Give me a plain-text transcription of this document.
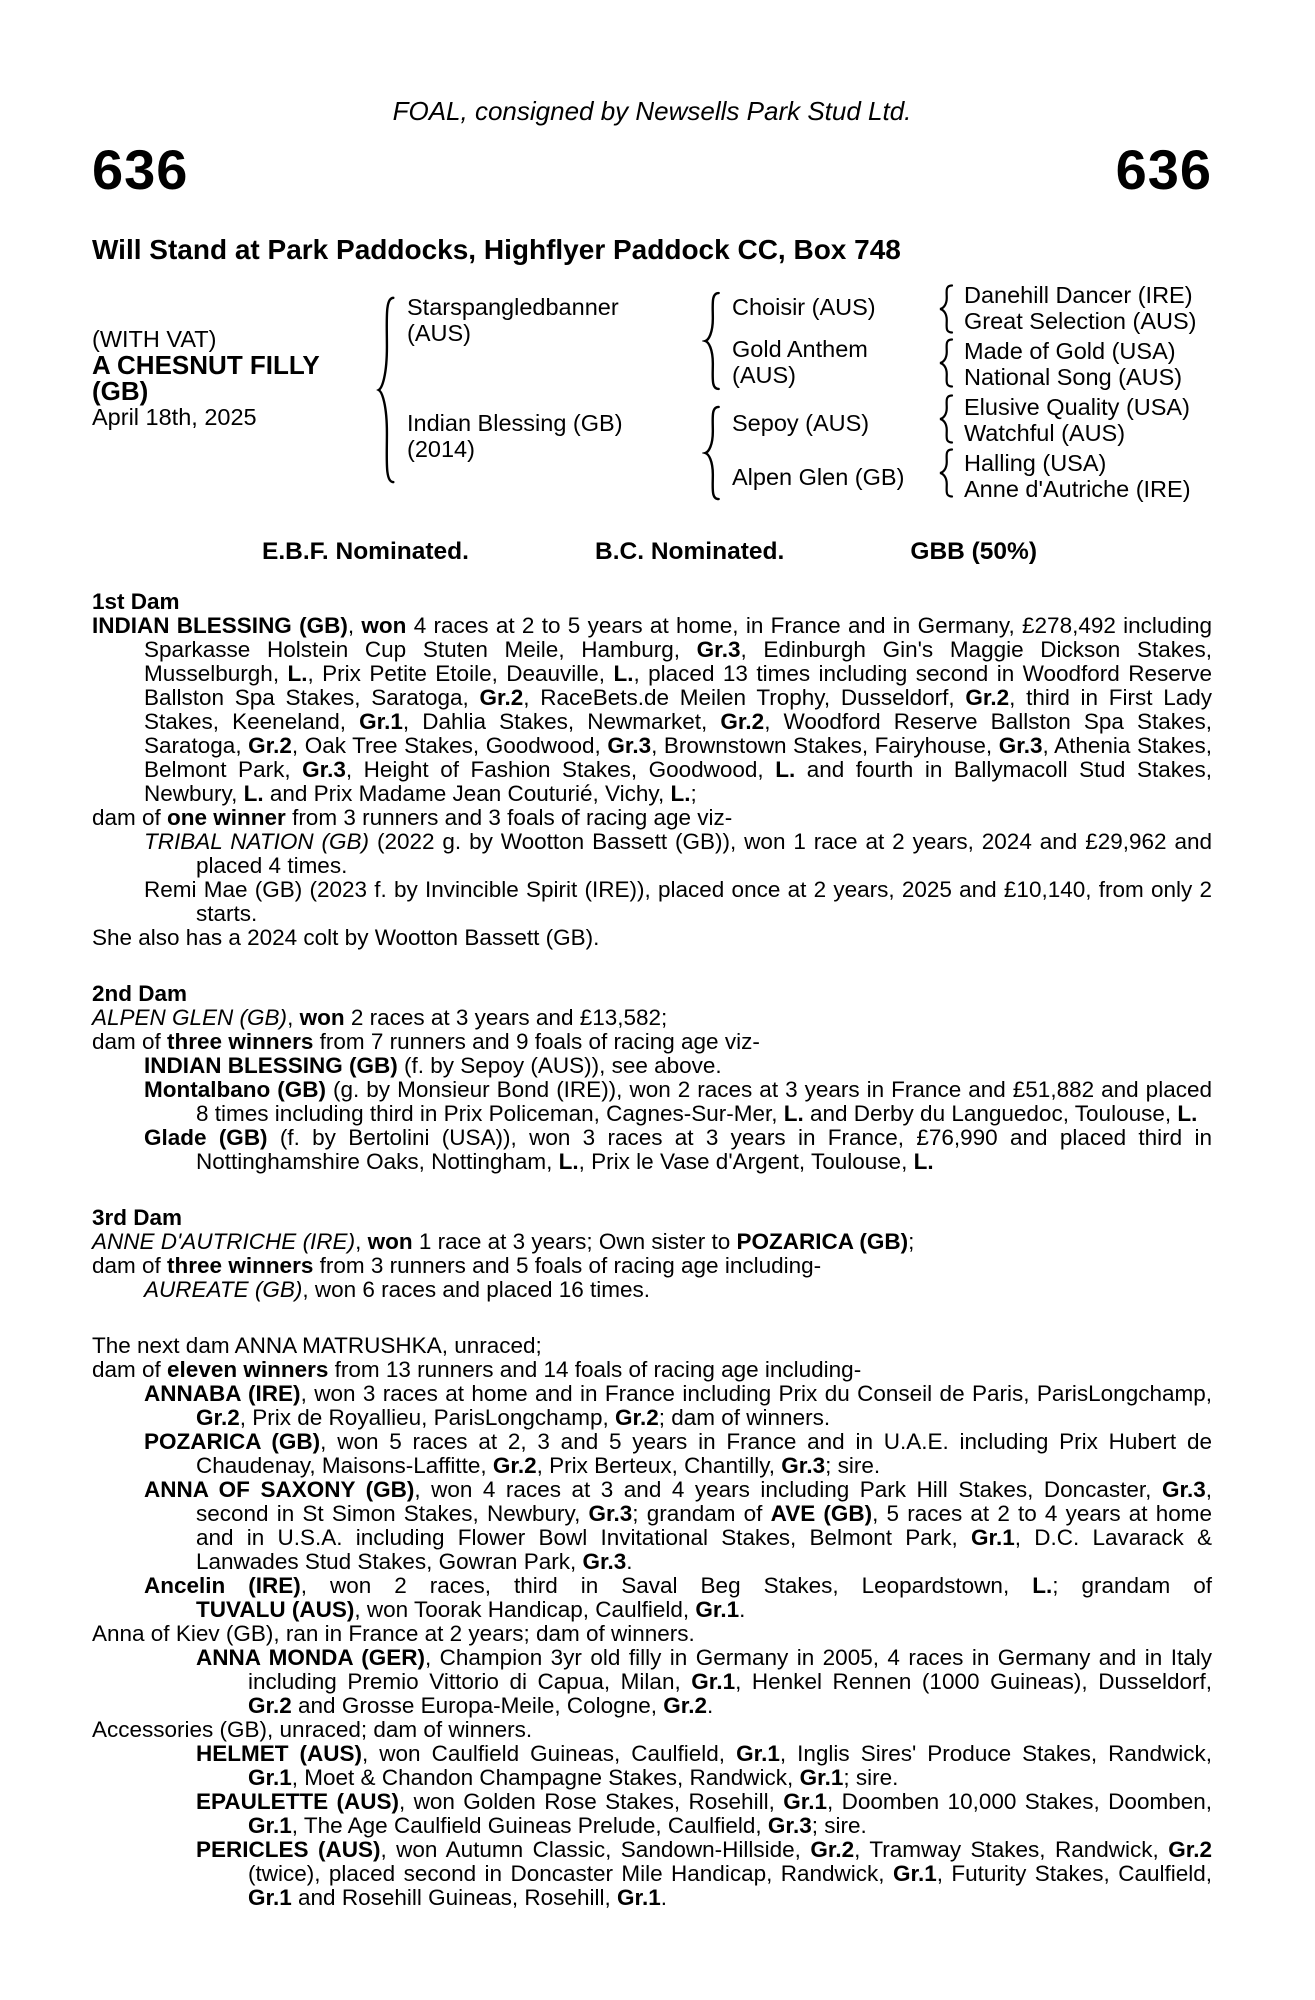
FOAL, consigned by Newsells Park Stud Ltd.
636	636
Will Stand at Park Paddocks, Highflyer Paddock CC, Box 748
(WITH VAT)
A CHESNUT FILLY
(GB)
April 18th, 2025
Starspangledbanner (AUS)
Indian Blessing (GB) (2014)
Choisir (AUS)
Gold Anthem (AUS)
Sepoy (AUS)
Alpen Glen (GB)
Danehill Dancer (IRE)
Great Selection (AUS)
Made of Gold (USA)
National Song (AUS)
Elusive Quality (USA)
Watchful (AUS)
Halling (USA)
Anne d'Autriche (IRE)
E.B.F. Nominated.	B.C. Nominated.	GBB (50%)
1st Dam

INDIAN BLESSING (GB), won 4 races at 2 to 5 years at home, in France and in Germany, £278,492 including Sparkasse Holstein Cup Stuten Meile, Hamburg, Gr.3, Edinburgh Gin's Maggie Dickson Stakes, Musselburgh, L., Prix Petite Etoile, Deauville, L., placed 13 times including second in Woodford Reserve Ballston Spa Stakes, Saratoga, Gr.2, RaceBets.de Meilen Trophy, Dusseldorf, Gr.2, third in First Lady Stakes, Keeneland, Gr.1, Dahlia Stakes, Newmarket, Gr.2, Woodford Reserve Ballston Spa Stakes, Saratoga, Gr.2, Oak Tree Stakes, Goodwood, Gr.3, Brownstown Stakes, Fairyhouse, Gr.3, Athenia Stakes, Belmont Park, Gr.3, Height of Fashion Stakes, Goodwood, L. and fourth in Ballymacoll Stud Stakes, Newbury, L. and Prix Madame Jean Couturié, Vichy, L.;

dam of one winner from 3 runners and 3 foals of racing age viz-

TRIBAL NATION (GB) (2022 g. by Wootton Bassett (GB)), won 1 race at 2 years, 2024 and £29,962 and placed 4 times.

Remi Mae (GB) (2023 f. by Invincible Spirit (IRE)), placed once at 2 years, 2025 and £10,140, from only 2 starts.

She also has a 2024 colt by Wootton Bassett (GB).

2nd Dam

ALPEN GLEN (GB), won 2 races at 3 years and £13,582;

dam of three winners from 7 runners and 9 foals of racing age viz-

INDIAN BLESSING (GB) (f. by Sepoy (AUS)), see above.

Montalbano (GB) (g. by Monsieur Bond (IRE)), won 2 races at 3 years in France and £51,882 and placed 8 times including third in Prix Policeman, Cagnes-Sur-Mer, L. and Derby du Languedoc, Toulouse, L.

Glade (GB) (f. by Bertolini (USA)), won 3 races at 3 years in France, £76,990 and placed third in Nottinghamshire Oaks, Nottingham, L., Prix le Vase d'Argent, Toulouse, L.

3rd Dam

ANNE D'AUTRICHE (IRE), won 1 race at 3 years; Own sister to POZARICA (GB);

dam of three winners from 3 runners and 5 foals of racing age including-

AUREATE (GB), won 6 races and placed 16 times.

The next dam ANNA MATRUSHKA, unraced;

dam of eleven winners from 13 runners and 14 foals of racing age including-

ANNABA (IRE), won 3 races at home and in France including Prix du Conseil de Paris, ParisLongchamp, Gr.2, Prix de Royallieu, ParisLongchamp, Gr.2; dam of winners.

POZARICA (GB), won 5 races at 2, 3 and 5 years in France and in U.A.E. including Prix Hubert de Chaudenay, Maisons-Laffitte, Gr.2, Prix Berteux, Chantilly, Gr.3; sire.

ANNA OF SAXONY (GB), won 4 races at 3 and 4 years including Park Hill Stakes, Doncaster, Gr.3, second in St Simon Stakes, Newbury, Gr.3; grandam of AVE (GB), 5 races at 2 to 4 years at home and in U.S.A. including Flower Bowl Invitational Stakes, Belmont Park, Gr.1, D.C. Lavarack & Lanwades Stud Stakes, Gowran Park, Gr.3.

Ancelin (IRE), won 2 races, third in Saval Beg Stakes, Leopardstown, L.; grandam of

TUVALU (AUS), won Toorak Handicap, Caulfield, Gr.1.

Anna of Kiev (GB), ran in France at 2 years; dam of winners.

ANNA MONDA (GER), Champion 3yr old filly in Germany in 2005, 4 races in Germany and in Italy including Premio Vittorio di Capua, Milan, Gr.1, Henkel Rennen (1000 Guineas), Dusseldorf, Gr.2 and Grosse Europa-Meile, Cologne, Gr.2.

Accessories (GB), unraced; dam of winners.

HELMET (AUS), won Caulfield Guineas, Caulfield, Gr.1, Inglis Sires' Produce Stakes, Randwick, Gr.1, Moet & Chandon Champagne Stakes, Randwick, Gr.1; sire.

EPAULETTE (AUS), won Golden Rose Stakes, Rosehill, Gr.1, Doomben 10,000 Stakes, Doomben, Gr.1, The Age Caulfield Guineas Prelude, Caulfield, Gr.3; sire.

PERICLES (AUS), won Autumn Classic, Sandown-Hillside, Gr.2, Tramway Stakes, Randwick, Gr.2 (twice), placed second in Doncaster Mile Handicap, Randwick, Gr.1, Futurity Stakes, Caulfield, Gr.1 and Rosehill Guineas, Rosehill, Gr.1.
